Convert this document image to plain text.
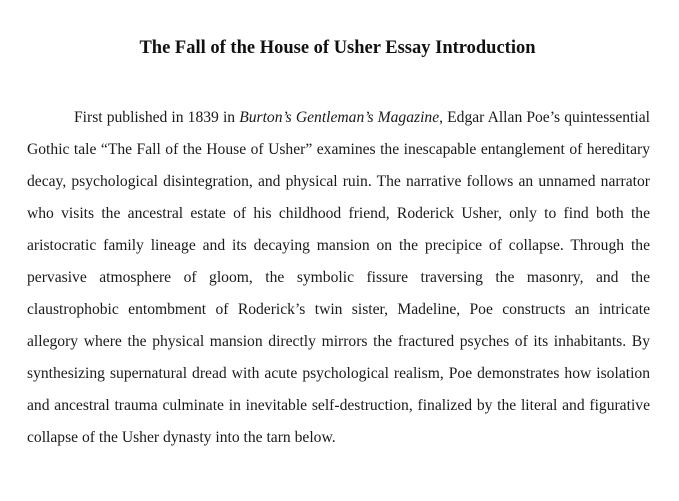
The Fall of the House of Usher Essay Introduction

First published in 1839 in Burton’s Gentleman’s Magazine, Edgar Allan Poe’s quintessential Gothic tale “The Fall of the House of Usher” examines the inescapable entanglement of hereditary decay, psychological disintegration, and physical ruin. The narrative follows an unnamed narrator who visits the ancestral estate of his childhood friend, Roderick Usher, only to find both the aristocratic family lineage and its decaying mansion on the precipice of collapse. Through the pervasive atmosphere of gloom, the symbolic fissure traversing the masonry, and the claustrophobic entombment of Roderick’s twin sister, Madeline, Poe constructs an intricate allegory where the physical mansion directly mirrors the fractured psyches of its inhabitants. By synthesizing supernatural dread with acute psychological realism, Poe demonstrates how isolation and ancestral trauma culminate in inevitable self-destruction, finalized by the literal and figurative collapse of the Usher dynasty into the tarn below.
